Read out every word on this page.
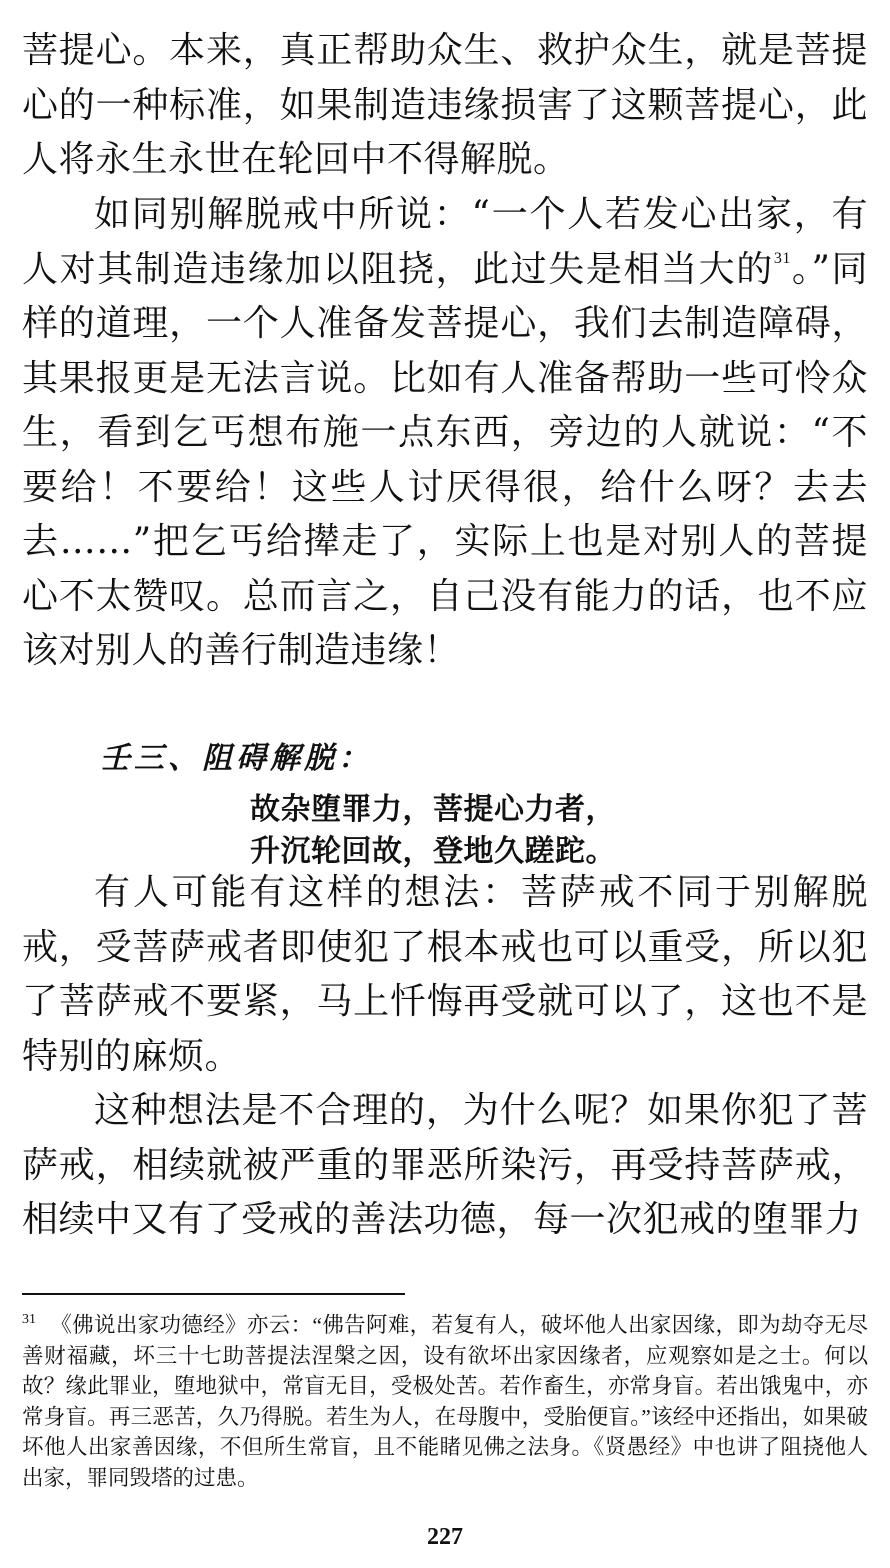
菩提心。本来，真正帮助众生、救护众生，就是菩提心的一种标准，如果制造违缘损害了这颗菩提心，此人将永生永世在轮回中不得解脱。

如同别解脱戒中所说：“一个人若发心出家，有人对其制造违缘加以阻挠，此过失是相当大的$^{31}$。”同样的道理，一个人准备发菩提心，我们去制造障碍，其果报更是无法言说。比如有人准备帮助一些可怜众生，看到乞丐想布施一点东西，旁边的人就说：“不要给！不要给！这些人讨厌得很，给什么呀？去去去……”把乞丐给撵走了，实际上也是对别人的菩提心不太赞叹。总而言之，自己没有能力的话，也不应该对别人的善行制造违缘！

壬三、阻碍解脱：
故杂堕罪力，菩提心力者，
升沉轮回故，登地久蹉跎。

有人可能有这样的想法：菩萨戒不同于别解脱戒，受菩萨戒者即使犯了根本戒也可以重受，所以犯了菩萨戒不要紧，马上忏悔再受就可以了，这也不是特别的麻烦。

这种想法是不合理的，为什么呢？如果你犯了菩萨戒，相续就被严重的罪恶所染污，再受持菩萨戒，相续中又有了受戒的善法功德，每一次犯戒的堕罪力

$^{31}$ 《佛说出家功德经》亦云：“佛告阿难，若复有人，破坏他人出家因缘，即为劫夺无尽善财福藏，坏三十七助菩提法涅槃之因，设有欲坏出家因缘者，应观察如是之士。何以故？缘此罪业，堕地狱中，常盲无目，受极处苦。若作畜生，亦常身盲。若出饿鬼中，亦常身盲。再三恶苦，久乃得脱。若生为人，在母腹中，受胎便盲。”该经中还指出，如果破坏他人出家善因缘，不但所生常盲，且不能睹见佛之法身。《贤愚经》中也讲了阻挠他人出家，罪同毁塔的过患。

227
